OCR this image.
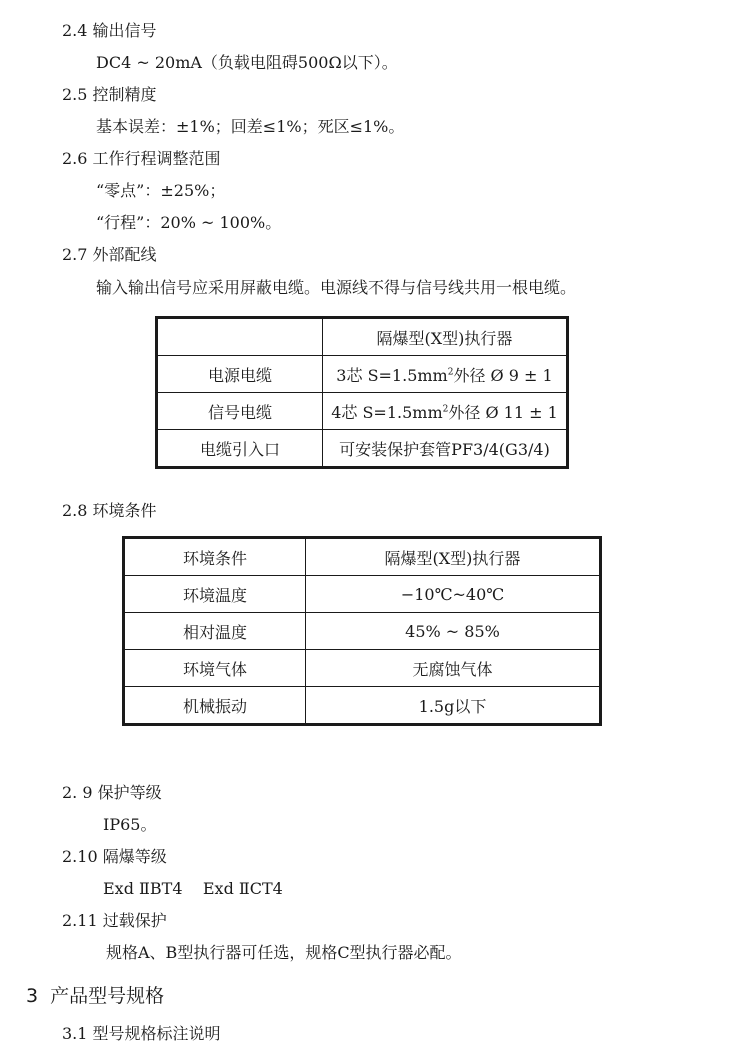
2.4 输出信号
DC4 ~ 20mA（负载电阻碍500Ω以下）。
2.5 控制精度
基本误差：±1%；回差≤1%；死区≤1%。
2.6 工作行程调整范围
“零点”：±25%；
“行程”：20% ~ 100%。
2.7 外部配线
输入输出信号应采用屏蔽电缆。电源线不得与信号线共用一根电缆。
	隔爆型(X型)执行器
电源电缆	3芯 $S=1.5mm^2$外径 Ø 9 ± 1
信号电缆	4芯 $S=1.5mm^2$外径 Ø 11 ± 1
电缆引入口	可安装保护套管PF3/4(G3/4)
2.8 环境条件
环境条件	隔爆型(X型)执行器
环境温度	−10℃~40℃
相对温度	45% ~ 85%
环境气体	无腐蚀气体
机械振动	1.5g以下
2. 9 保护等级
IP65。
2.10 隔爆等级
Exd ⅡBT4    Exd ⅡCT4
2.11 过载保护
规格A、B型执行器可任选，规格C型执行器必配。
3  产品型号规格
3.1 型号规格标注说明
